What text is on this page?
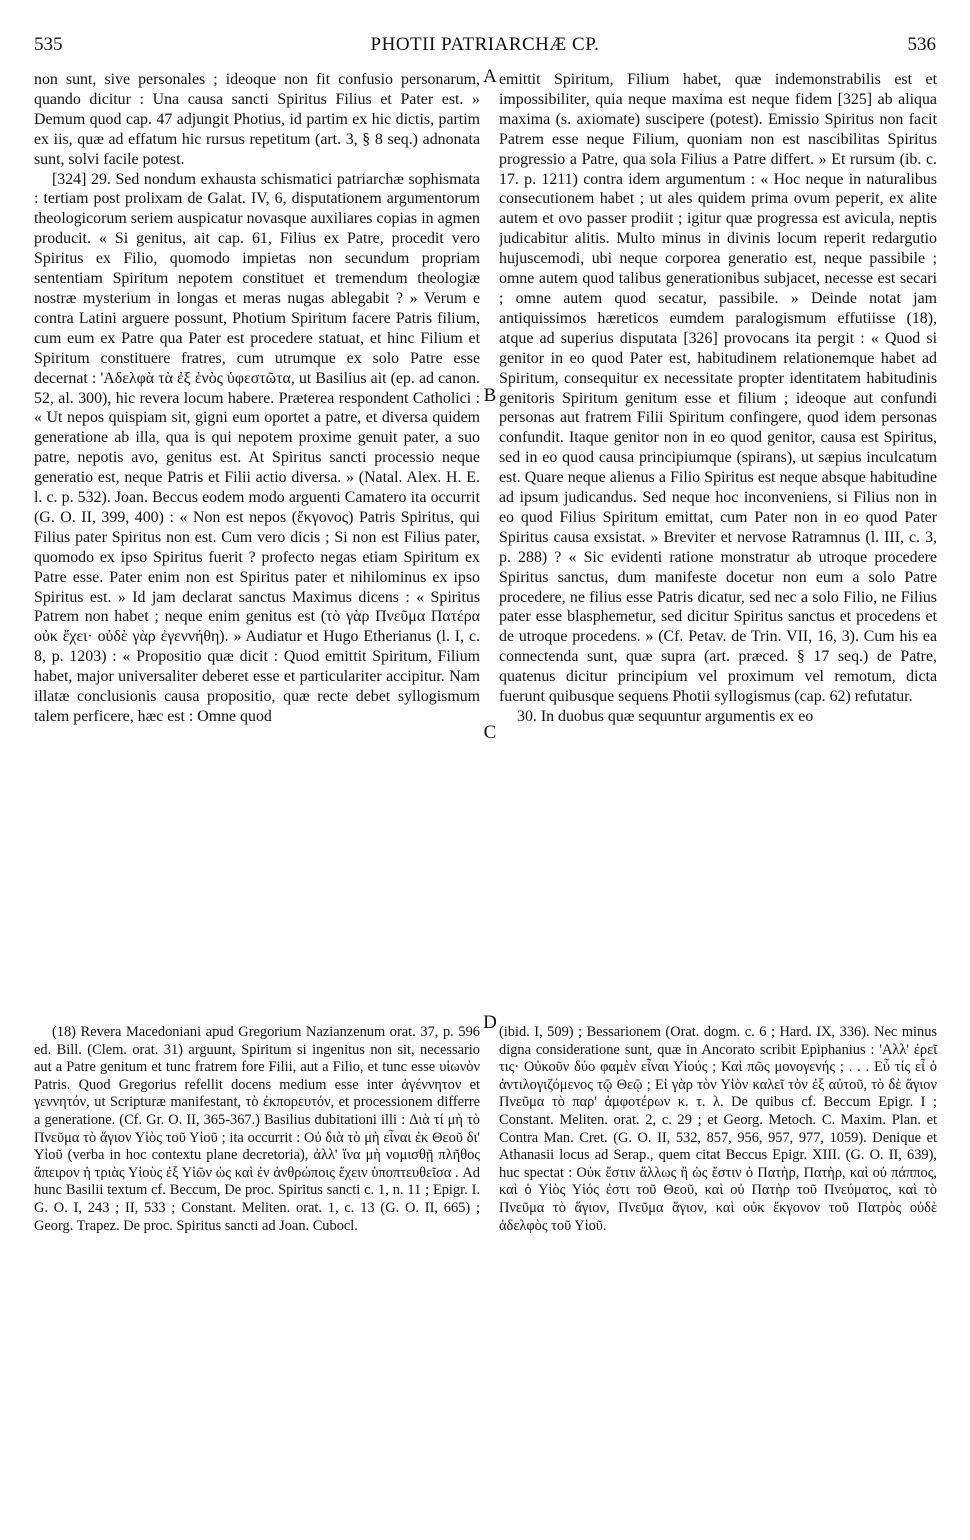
535	PHOTII PATRIARCHÆ CP.	536

non sunt, sive personales ; ideoque non fit confusio personarum, quando dicitur : Una causa sancti Spiritus Filius et Pater est. » Demum quod cap. 47 adjungit Photius, id partim ex hic dictis, partim ex iis, quæ ad effatum hic rursus repetitum (art. 3, § 8 seq.) adnonata sunt, solvi facile potest.

[324] 29. Sed nondum exhausta schismatici patriarchæ sophismata : tertiam post prolixam de Galat. IV, 6, disputationem argumentorum theologicorum seriem auspicatur novasque auxiliares copias in agmen producit. « Si genitus, ait cap. 61, Filius ex Patre, procedit vero Spiritus ex Filio, quomodo impietas non secundum propriam sententiam Spiritum nepotem constituet et tremendum theologiæ nostræ mysterium in longas et meras nugas ablegabit ? » Verum e contra Latini arguere possunt, Photium Spiritum facere Patris filium, cum eum ex Patre qua Pater est procedere statuat, et hinc Filium et Spiritum constituere fratres, cum utrumque ex solo Patre esse decernat : 'Αδελφὰ τὰ ἐξ ἑνὸς ὑφεστῶτα, ut Basilius ait (ep. ad canon. 52, al. 300), hic revera locum habere. Præterea respondent Catholici : « Ut nepos quispiam sit, gigni eum oportet a patre, et diversa quidem generatione ab illa, qua is qui nepotem proxime genuit pater, a suo patre, nepotis avo, genitus est. At Spiritus sancti processio neque generatio est, neque Patris et Filii actio diversa. » (Natal. Alex. H. E. l. c. p. 532). Joan. Beccus eodem modo arguenti Camatero ita occurrit (G. O. II, 399, 400) : « Non est nepos (ἔκγονος) Patris Spiritus, qui Filius pater Spiritus non est. Cum vero dicis ; Si non est Filius pater, quomodo ex ipso Spiritus fuerit ? profecto negas etiam Spiritum ex Patre esse. Pater enim non est Spiritus pater et nihilominus ex ipso Spiritus est. » Id jam declarat sanctus Maximus dicens : « Spiritus Patrem non habet ; neque enim genitus est (τὸ γὰρ Πνεῦμα Πατέρα οὐκ ἔχει· οὐδὲ γὰρ ἐγεννήθη). » Audiatur et Hugo Etherianus (l. I, c. 8, p. 1203) : « Propositio quæ dicit : Quod emittit Spiritum, Filium habet, major universaliter deberet esse et particulariter accipitur. Nam illatæ conclusionis causa propositio, quæ recte debet syllogismum talem perficere, hæc est : Omne quod

emittit Spiritum, Filium habet, quæ indemonstrabilis est et impossibiliter, quia neque maxima est neque fidem [325] ab aliqua maxima (s. axiomate) suscipere (potest). Emissio Spiritus non facit Patrem esse neque Filium, quoniam non est nascibilitas Spiritus progressio a Patre, qua sola Filius a Patre differt. » Et rursum (ib. c. 17. p. 1211) contra idem argumentum : « Hoc neque in naturalibus consecutionem habet ; ut ales quidem prima ovum peperit, ex alite autem et ovo passer prodiit ; igitur quæ progressa est avicula, neptis judicabitur alitis. Multo minus in divinis locum reperit redargutio hujuscemodi, ubi neque corporea generatio est, neque passibile ; omne autem quod talibus generationibus subjacet, necesse est secari ; omne autem quod secatur, passibile. » Deinde notat jam antiquissimos hæreticos eumdem paralogismum effutiisse (18), atque ad superius disputata [326] provocans ita pergit : « Quod si genitor in eo quod Pater est, habitudinem relationemque habet ad Spiritum, consequitur ex necessitate propter identitatem habitudinis genitoris Spiritum genitum esse et filium ; ideoque aut confundi personas aut fratrem Filii Spiritum confingere, quod idem personas confundit. Itaque genitor non in eo quod genitor, causa est Spiritus, sed in eo quod causa principiumque (spirans), ut sæpius inculcatum est. Quare neque alienus a Filio Spiritus est neque absque habitudine ad ipsum judicandus. Sed neque hoc inconveniens, si Filius non in eo quod Filius Spiritum emittat, cum Pater non in eo quod Pater Spiritus causa exsistat. » Breviter et nervose Ratramnus (l. III, c. 3, p. 288) ? « Sic evidenti ratione monstratur ab utroque procedere Spiritus sanctus, dum manifeste docetur non eum a solo Patre procedere, ne filius esse Patris dicatur, sed nec a solo Filio, ne Filius pater esse blasphemetur, sed dicitur Spiritus sanctus et procedens et de utroque procedens. » (Cf. Petav. de Trin. VII, 16, 3). Cum his ea connectenda sunt, quæ supra (art. præced. § 17 seq.) de Patre, quatenus dicitur principium vel proximum vel remotum, dicta fuerunt quibusque sequens Photii syllogismus (cap. 62) refutatur.

30. In duobus quæ sequuntur argumentis ex eo

A
B
C
D

(18) Revera Macedoniani apud Gregorium Nazianzenum orat. 37, p. 596 ed. Bill. (Clem. orat. 31) arguunt, Spiritum si ingenitus non sit, necessario aut a Patre genitum et tunc fratrem fore Filii, aut a Filio, et tunc esse υἱωνὸν Patris. Quod Gregorius refellit docens medium esse inter ἀγέννητον et γεννητόν, ut Scripturæ manifestant, τὸ ἐκπορευτόν, et processionem differre a generatione. (Cf. Gr. O. II, 365-367.) Basilius dubitationi illi : Διὰ τί μὴ τὸ Πνεῦμα τὸ ἅγιον Υἱὸς τοῦ Υἱοῦ ; ita occurrit : Οὐ διὰ τὸ μὴ εἶναι ἐκ Θεοῦ δι' Υἱοῦ (verba in hoc contextu plane decretoria), ἀλλ' ἵνα μὴ νομισθῇ πλῆθος ἄπειρον ἡ τριὰς Υἱοὺς ἐξ Υἱῶν ὡς καὶ ἐν ἀνθρώποις ἔχειν ὑποπτευθεῖσα . Ad hunc Basilii textum cf. Beccum, De proc. Spiritus sancti c. 1, n. 11 ; Epigr. I. G. O. I, 243 ; II, 533 ; Constant. Meliten. orat. 1, c. 13 (G. O. II, 665) ; Georg. Trapez. De proc. Spiritus sancti ad Joan. Cubocl.

(ibid. I, 509) ; Bessarionem (Orat. dogm. c. 6 ; Hard. IX, 336). Nec minus digna consideratione sunt, quæ in Ancorato scribit Epiphanius : 'Αλλ' ἐρεῖ τις· Οὐκοῦν δύο φαμὲν εἶναι Υἱούς ; Καὶ πῶς μονογενής ; . . . Εὖ τίς εἶ ὁ ἀντιλογιζόμενος τῷ Θεῷ ; Εἰ γὰρ τὸν Υἱὸν καλεῖ τὸν ἐξ αὐτοῦ, τὸ δὲ ἅγιον Πνεῦμα τὸ παρ' ἀμφοτέρων κ. τ. λ. De quibus cf. Beccum Epigr. I ; Constant. Meliten. orat. 2, c. 29 ; et Georg. Metoch. C. Maxim. Plan. et Contra Man. Cret. (G. O. II, 532, 857, 956, 957, 977, 1059). Denique et Athanasii locus ad Serap., quem citat Beccus Epigr. XIII. (G. O. II, 639), huc spectat : Οὐκ ἔστιν ἄλλως ἢ ὡς ἔστιν ὁ Πατὴρ, Πατὴρ, καὶ οὐ πάππος, καὶ ὁ Υἱὸς Υἱός ἐστι τοῦ Θεοῦ, καὶ οὐ Πατὴρ τοῦ Πνεύματος, καὶ τὸ Πνεῦμα τὸ ἅγιον, Πνεῦμα ἅγιον, καὶ οὐκ ἔκγονον τοῦ Πατρὸς οὐδὲ ἀδελφὸς τοῦ Υἱοῦ.
